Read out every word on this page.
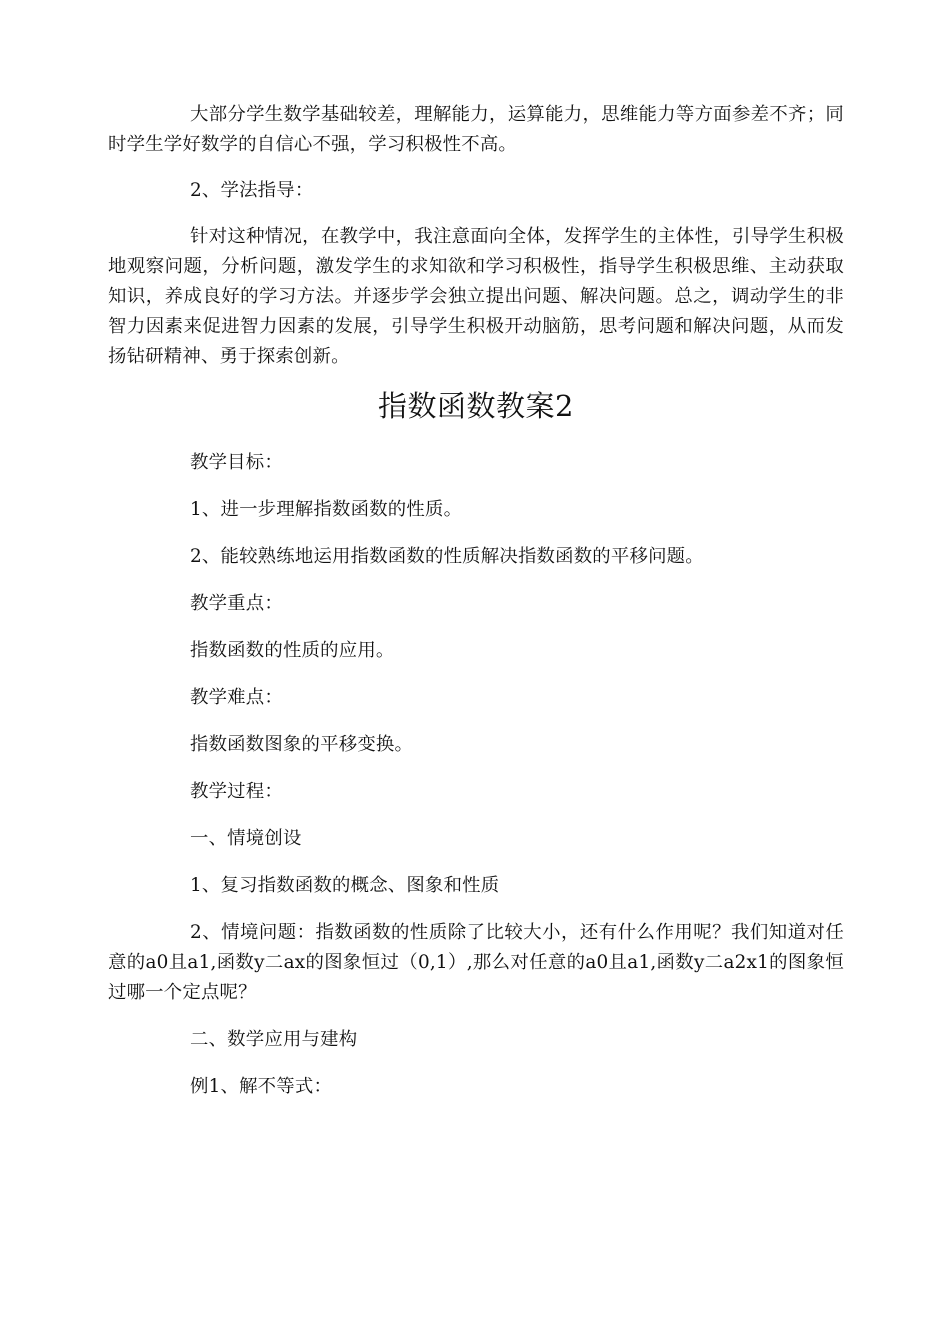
大部分学生数学基础较差，理解能力，运算能力，思维能力等方面参差不齐；同时学生学好数学的自信心不强，学习积极性不高。

2、学法指导：

针对这种情况，在教学中，我注意面向全体，发挥学生的主体性，引导学生积极地观察问题，分析问题，激发学生的求知欲和学习积极性，指导学生积极思维、主动获取知识，养成良好的学习方法。并逐步学会独立提出问题、解决问题。总之，调动学生的非智力因素来促进智力因素的发展，引导学生积极开动脑筋，思考问题和解决问题，从而发扬钻研精神、勇于探索创新。

指数函数教案2

教学目标：

1、进一步理解指数函数的性质。

2、能较熟练地运用指数函数的性质解决指数函数的平移问题。

教学重点：

指数函数的性质的应用。

教学难点：

指数函数图象的平移变换。

教学过程：

一、情境创设

1、复习指数函数的概念、图象和性质

2、情境问题：指数函数的性质除了比较大小，还有什么作用呢？我们知道对任意的a0且a1,函数y二ax的图象恒过（0,1）,那么对任意的a0且a1,函数y二a2x1的图象恒过哪一个定点呢？

二、数学应用与建构

例1、解不等式：
